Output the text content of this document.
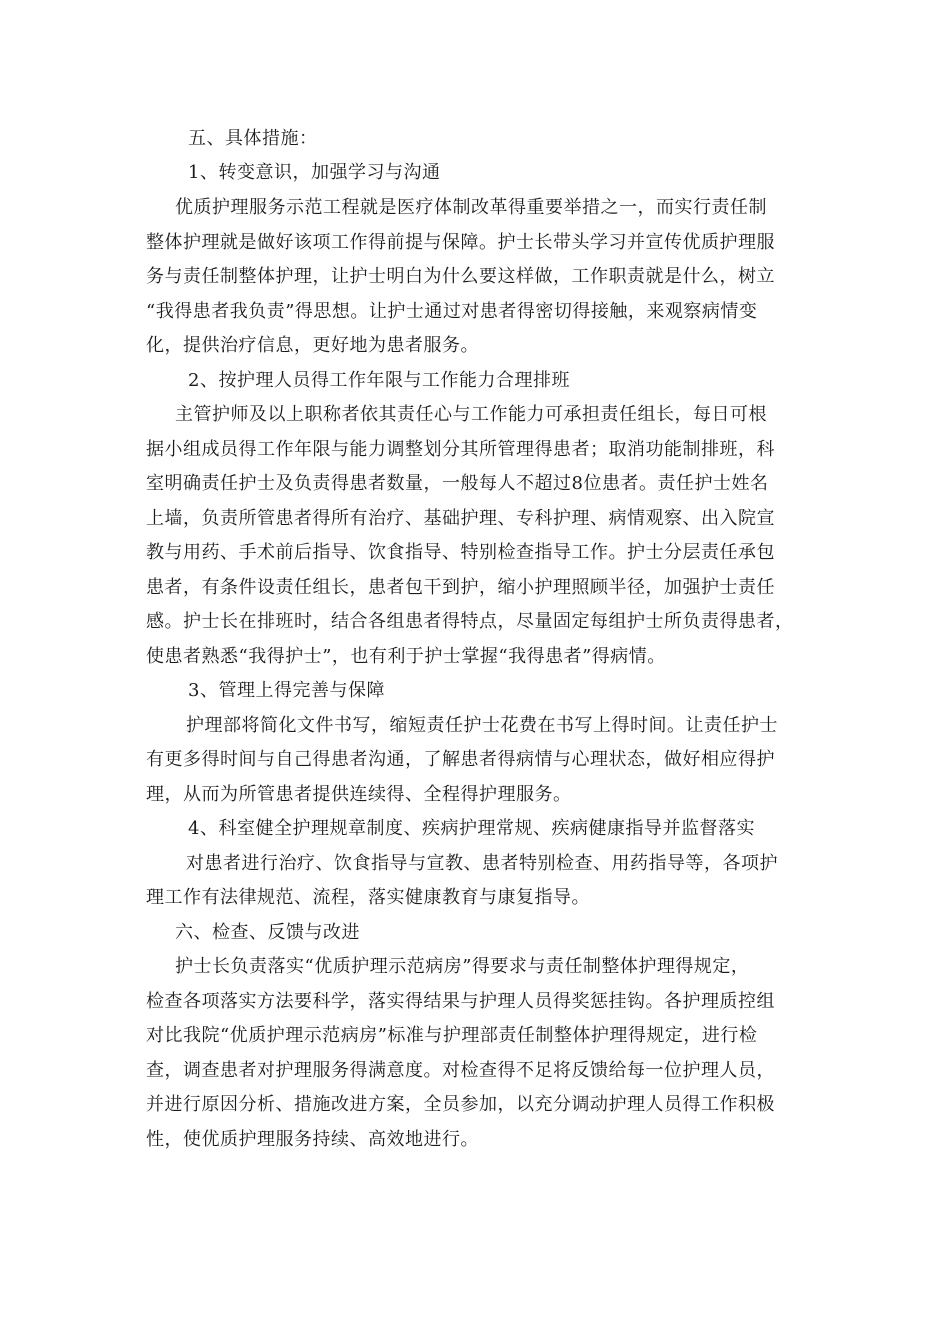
五、具体措施：
1、转变意识，加强学习与沟通
优质护理服务示范工程就是医疗体制改革得重要举措之一，而实行责任制
整体护理就是做好该项工作得前提与保障。护士长带头学习并宣传优质护理服
务与责任制整体护理，让护士明白为什么要这样做，工作职责就是什么，树立
“我得患者我负责”得思想。让护士通过对患者得密切得接触，来观察病情变
化，提供治疗信息，更好地为患者服务。
2、按护理人员得工作年限与工作能力合理排班
主管护师及以上职称者依其责任心与工作能力可承担责任组长，每日可根
据小组成员得工作年限与能力调整划分其所管理得患者；取消功能制排班，科
室明确责任护士及负责得患者数量，一般每人不超过8位患者。责任护士姓名
上墙，负责所管患者得所有治疗、基础护理、专科护理、病情观察、出入院宣
教与用药、手术前后指导、饮食指导、特别检查指导工作。护士分层责任承包
患者，有条件设责任组长，患者包干到护，缩小护理照顾半径，加强护士责任
感。护士长在排班时，结合各组患者得特点，尽量固定每组护士所负责得患者，
使患者熟悉“我得护士”，也有利于护士掌握“我得患者”得病情。
3、管理上得完善与保障
护理部将简化文件书写，缩短责任护士花费在书写上得时间。让责任护士
有更多得时间与自己得患者沟通，了解患者得病情与心理状态，做好相应得护
理，从而为所管患者提供连续得、全程得护理服务。
4、科室健全护理规章制度、疾病护理常规、疾病健康指导并监督落实
对患者进行治疗、饮食指导与宣教、患者特别检查、用药指导等，各项护
理工作有法律规范、流程，落实健康教育与康复指导。
六、检查、反馈与改进
护士长负责落实“优质护理示范病房”得要求与责任制整体护理得规定，
检查各项落实方法要科学，落实得结果与护理人员得奖惩挂钩。各护理质控组
对比我院“优质护理示范病房”标准与护理部责任制整体护理得规定，进行检
查，调查患者对护理服务得满意度。对检查得不足将反馈给每一位护理人员，
并进行原因分析、措施改进方案，全员参加，以充分调动护理人员得工作积极
性，使优质护理服务持续、高效地进行。
